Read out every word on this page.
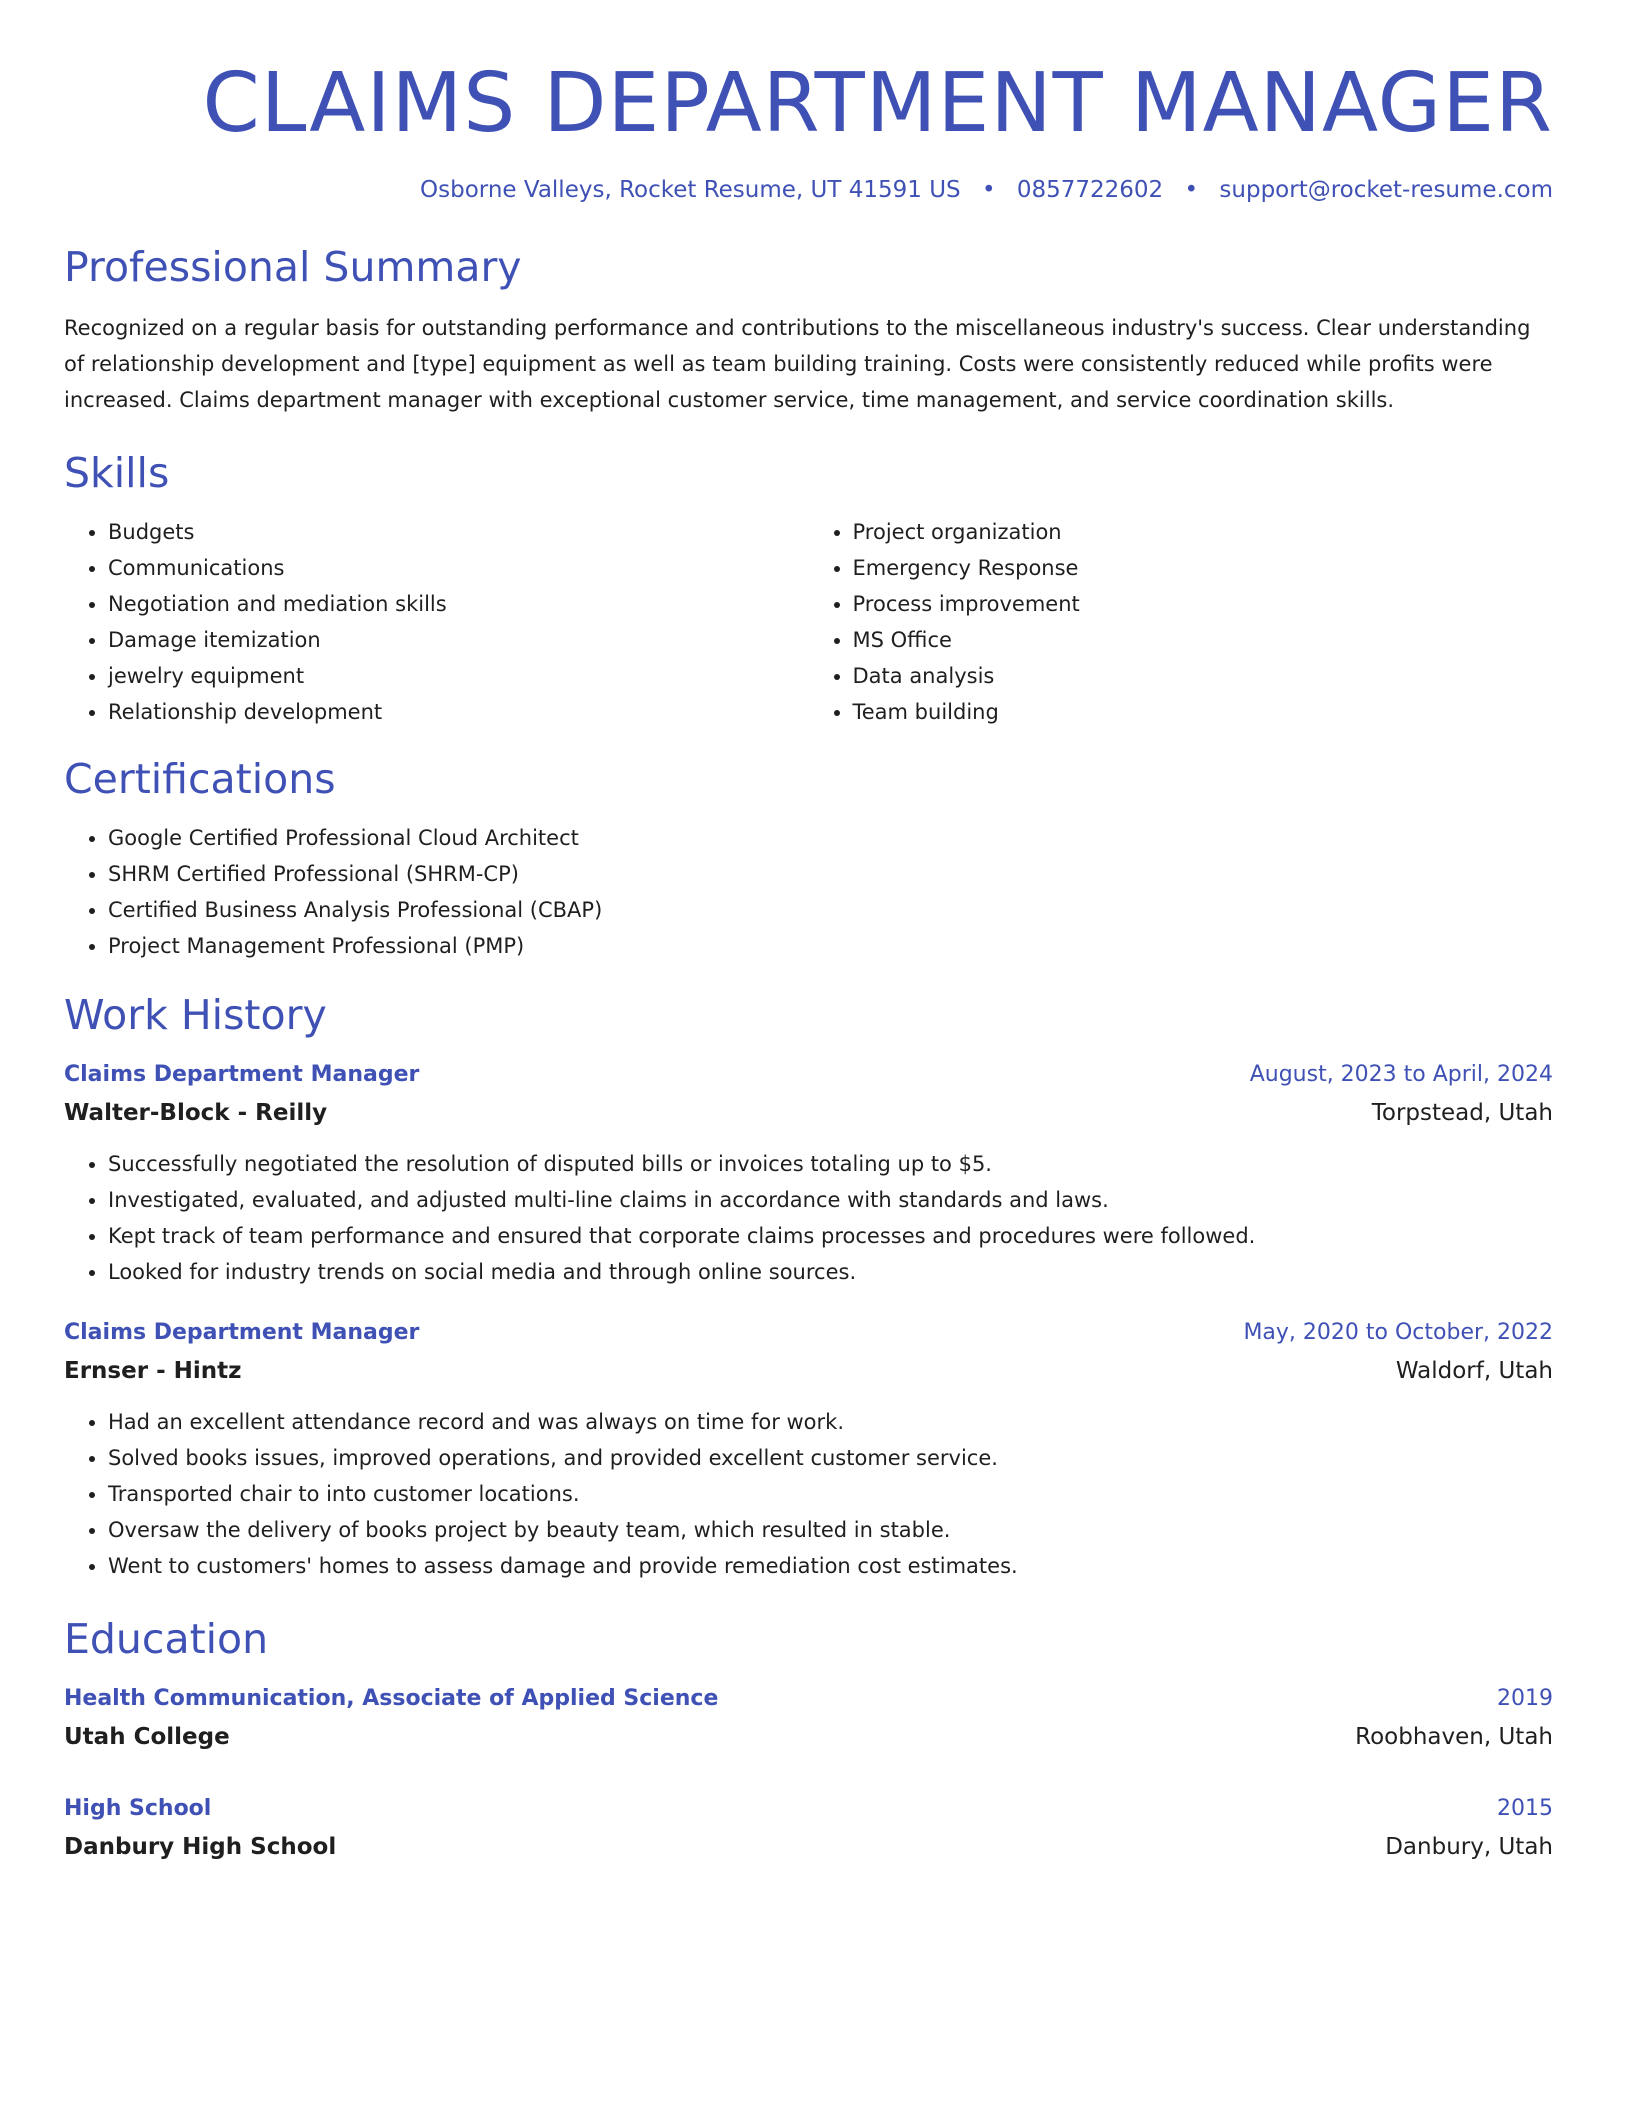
CLAIMS DEPARTMENT MANAGER
Osborne Valleys, Rocket Resume, UT 41591 US • 0857722602 • support@rocket-resume.com
Professional Summary
Recognized on a regular basis for outstanding performance and contributions to the miscellaneous industry's success. Clear understanding of relationship development and [type] equipment as well as team building training. Costs were consistently reduced while profits were increased. Claims department manager with exceptional customer service, time management, and service coordination skills.
Skills
• Budgets
• Communications
• Negotiation and mediation skills
• Damage itemization
• jewelry equipment
• Relationship development
• Project organization
• Emergency Response
• Process improvement
• MS Office
• Data analysis
• Team building
Certifications
• Google Certified Professional Cloud Architect
• SHRM Certified Professional (SHRM-CP)
• Certified Business Analysis Professional (CBAP)
• Project Management Professional (PMP)
Work History
Claims Department Manager	August, 2023 to April, 2024
Walter-Block - Reilly	Torpstead, Utah
• Successfully negotiated the resolution of disputed bills or invoices totaling up to $5.
• Investigated, evaluated, and adjusted multi-line claims in accordance with standards and laws.
• Kept track of team performance and ensured that corporate claims processes and procedures were followed.
• Looked for industry trends on social media and through online sources.
Claims Department Manager	May, 2020 to October, 2022
Ernser - Hintz	Waldorf, Utah
• Had an excellent attendance record and was always on time for work.
• Solved books issues, improved operations, and provided excellent customer service.
• Transported chair to into customer locations.
• Oversaw the delivery of books project by beauty team, which resulted in stable.
• Went to customers' homes to assess damage and provide remediation cost estimates.
Education
Health Communication, Associate of Applied Science	2019
Utah College	Roobhaven, Utah
High School	2015
Danbury High School	Danbury, Utah
